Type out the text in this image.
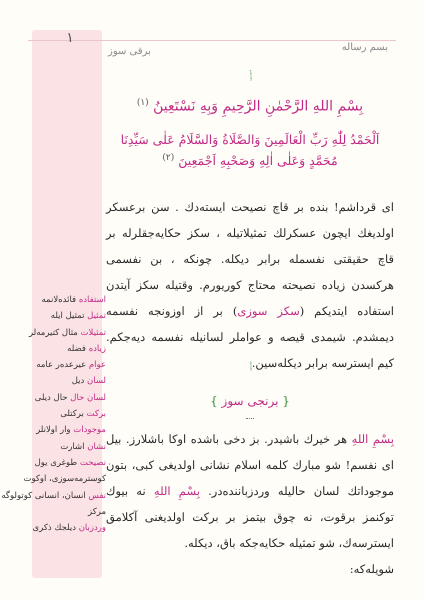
١
برقى سوز	بسم رساله
بِسْمِ اللهِ الرَّحْمٰنِ الرَّحِيمِ وَبِهِ نَسْتَعِينُ $^{(١)}$
اَلْحَمْدُ لِلّٰهِ رَبِّ الْعَالَمِينَ وَالصَّلَاةُ وَالسَّلَامُ عَلٰى سَيِّدِنَا مُحَمَّدٍ وَعَلٰى اٰلِهِ وَصَحْبِهِ اَجْمَعِينَ $^{(٢)}$
اى قرداشم! بنده بر قاچ نصيحت ايسته‌دك . سن برعسكر اولديغك ايچون عسكرلك تمثيلاتيله ، سكز حكايه‌جقلرله بر قاچ حقيقتى نفسمله برابر ديكله. چونكه ، بن نفسمى هركسدن زياده نصيحته محتاج كوريورم. وقتيله سكز آيتدن استفاده ايتديكم (سكز سوزى) بر از اوزونجه نفسمه ديمشدم. شيمدى قيصه و عواملر لسانيله نفسمه ديه‌جكم. كيم ايسترسه برابر ديكله‌سين.
{ برنجى سوز }
بِسْمِ اللهِ هر خيرك باشيدر. بز دخى باشده اوكا باشلارز. بيل اى نفسم! شو مبارك كلمه اسلام نشانى اولديغى كبى، بتون موجوداتك لسان حالیله وردزباننده‌در. بِسْمِ اللهِ نه بيوك توكنمز برقوت، نه چوق بيتمز بر بركت اولديغنى آكلامق ايسترسه‌ك، شو تمثيله حكايه‌جكه باق، ديكله.
شويله‌كه:
استفاده فائده‌لانمه
تمثيل تمثيل ايله
تمثيلات مثال كتيرمه‌لر
زياده فضله
عوام عيرعده‌ر عامه
لسان ديل
لسان حال حال ديلى
بركت بركتلى
موجودات وار اولانلر
نشان اشارت
نصيحت طوغرى يول
كوسترمه‌سوزى، اوكوت
نفس انسان، انسانى كوتولوگه
مركز
وردزبان ديلجك ذكرى
